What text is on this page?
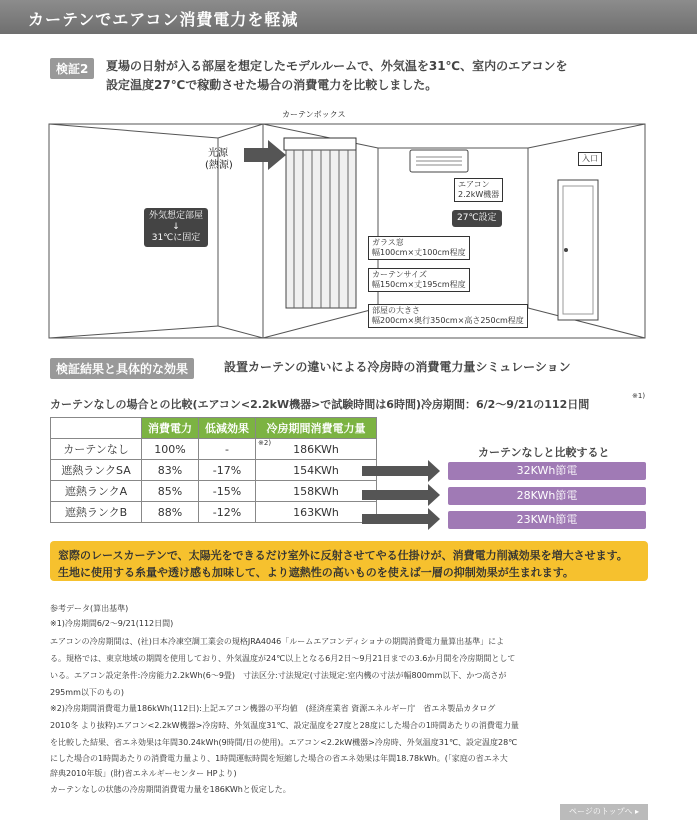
カーテンでエアコン消費電力を軽減
検証2	夏場の日射が入る部屋を想定したモデルルームで、外気温を31℃、室内のエアコンを
設定温度27℃で稼動させた場合の消費電力を比較しました。
カーテンボックス
光源
(熱源)
外気想定部屋
↓
31℃に固定
エアコン
2.2kW機器
27℃設定
ガラス窓
幅100cm×丈100cm程度
カーテンサイズ
幅150cm×丈195cm程度
部屋の大きさ
幅200cm×奥行350cm×高さ250cm程度
入口
検証結果と具体的な効果	設置カーテンの違いによる冷房時の消費電力量シミュレーション
カーテンなしの場合との比較(エアコン<2.2kW機器>で試験時間は6時間)冷房期間：6/2〜9/21の112日間
※1)
	消費電力	低減効果	冷房期間消費電力量
カーテンなし	100%	-	※2) 186KWh
遮熱ランクSA	83%	-17%	154KWh
遮熱ランクA	85%	-15%	158KWh
遮熱ランクB	88%	-12%	163KWh
カーテンなしと比較すると
32KWh節電
28KWh節電
23KWh節電
窓際のレースカーテンで、太陽光をできるだけ室外に反射させてやる仕掛けが、消費電力削減効果を増大させます。
生地に使用する糸量や透け感も加味して、より遮熱性の高いものを使えば一層の抑制効果が生まれます。
参考データ(算出基準)
※1)冷房期間6/2〜9/21(112日間)
エアコンの冷房期間は、(社)日本冷凍空調工業会の規格JRA4046「ルームエアコンディショナの期間消費電力量算出基準」によ
る。規格では、東京地域の期間を使用しており、外気温度が24℃以上となる6月2日〜9月21日までの3.6か月間を冷房期間として
いる。エアコン設定条件:冷房能力2.2kWh(6〜9畳)　寸法区分:寸法規定(寸法規定:室内機の寸法が幅800mm以下、かつ高さが
295mm以下のもの)
※2)冷房期間消費電力量186kWh(112日):上記エアコン機器の平均値　(経済産業省 資源エネルギー庁　省エネ製品カタログ
2010冬 より抜粋)エアコン<2.2kW機器>冷房時、外気温度31℃、設定温度を27度と28度にした場合の1時間あたりの消費電力量
を比較した結果、省エネ効果は年間30.24kWh(9時間/日の使用)。エアコン<2.2kW機器>冷房時、外気温度31℃、設定温度28℃
にした場合の1時間あたりの消費電力量より、1時間運転時間を短縮した場合の省エネ効果は年間18.78kWh。(「家庭の省エネ大
辞典2010年版」(財)省エネルギーセンター HPより)
カーテンなしの状態の冷房期間消費電力量を186KWhと仮定した。
ページのトップへ ▸
